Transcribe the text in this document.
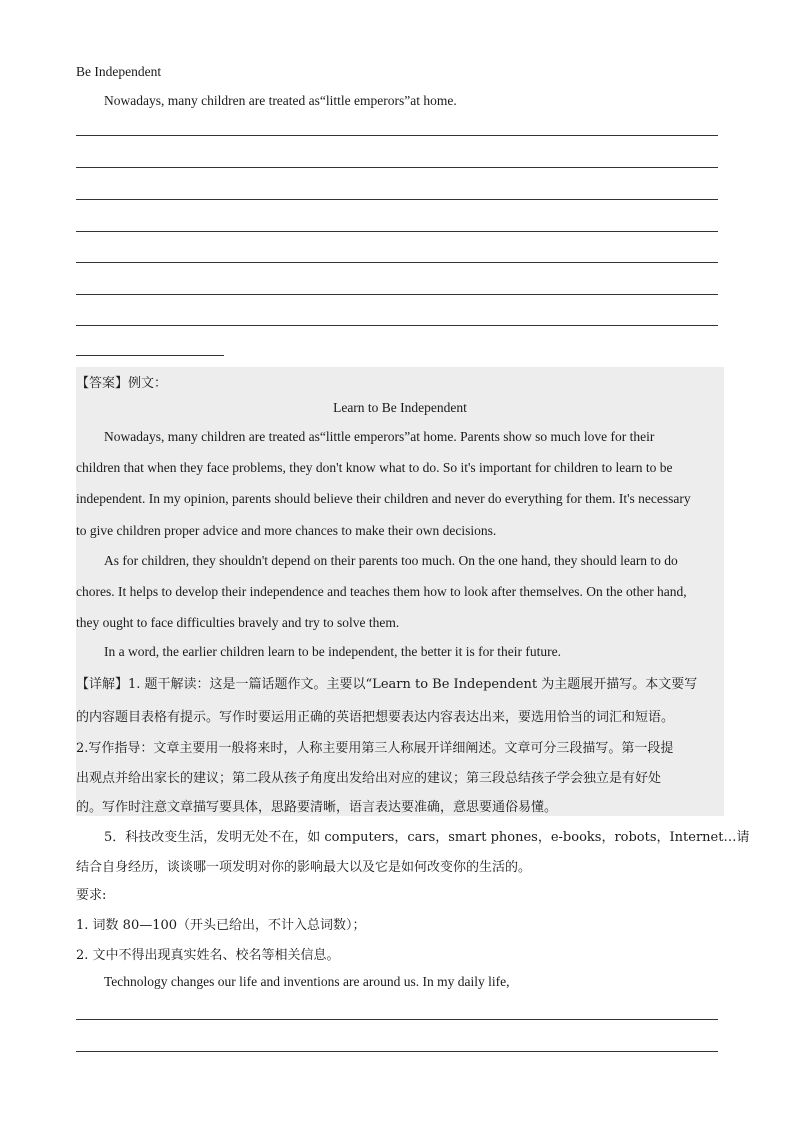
Be Independent
Nowadays, many children are treated as“little emperors”at home.
【答案】例文：
Learn to Be Independent
Nowadays, many children are treated as“little emperors”at home. Parents show so much love for their
children that when they face problems, they don't know what to do. So it's important for children to learn to be
independent. In my opinion, parents should believe their children and never do everything for them. It's necessary
to give children proper advice and more chances to make their own decisions.
As for children, they shouldn't depend on their parents too much. On the one hand, they should learn to do
chores. It helps to develop their independence and teaches them how to look after themselves. On the other hand,
they ought to face difficulties bravely and try to solve them.
In a word, the earlier children learn to be independent, the better it is for their future.
【详解】1. 题干解读：这是一篇话题作文。主要以“Learn to Be Independent 为主题展开描写。本文要写
的内容题目表格有提示。写作时要运用正确的英语把想要表达内容表达出来，要选用恰当的词汇和短语。
2.写作指导：文章主要用一般将来时，人称主要用第三人称展开详细阐述。文章可分三段描写。第一段提
出观点并给出家长的建议；第二段从孩子角度出发给出对应的建议；第三段总结孩子学会独立是有好处
的。写作时注意文章描写要具体，思路要清晰，语言表达要准确，意思要通俗易懂。
5．科技改变生活，发明无处不在，如 computers，cars，smart phones，e-books，robots，Internet…请
结合自身经历，谈谈哪一项发明对你的影响最大以及它是如何改变你的生活的。
要求:
1. 词数 80—100（开头已给出，不计入总词数）；
2. 文中不得出现真实姓名、校名等相关信息。
Technology changes our life and inventions are around us. In my daily life,
